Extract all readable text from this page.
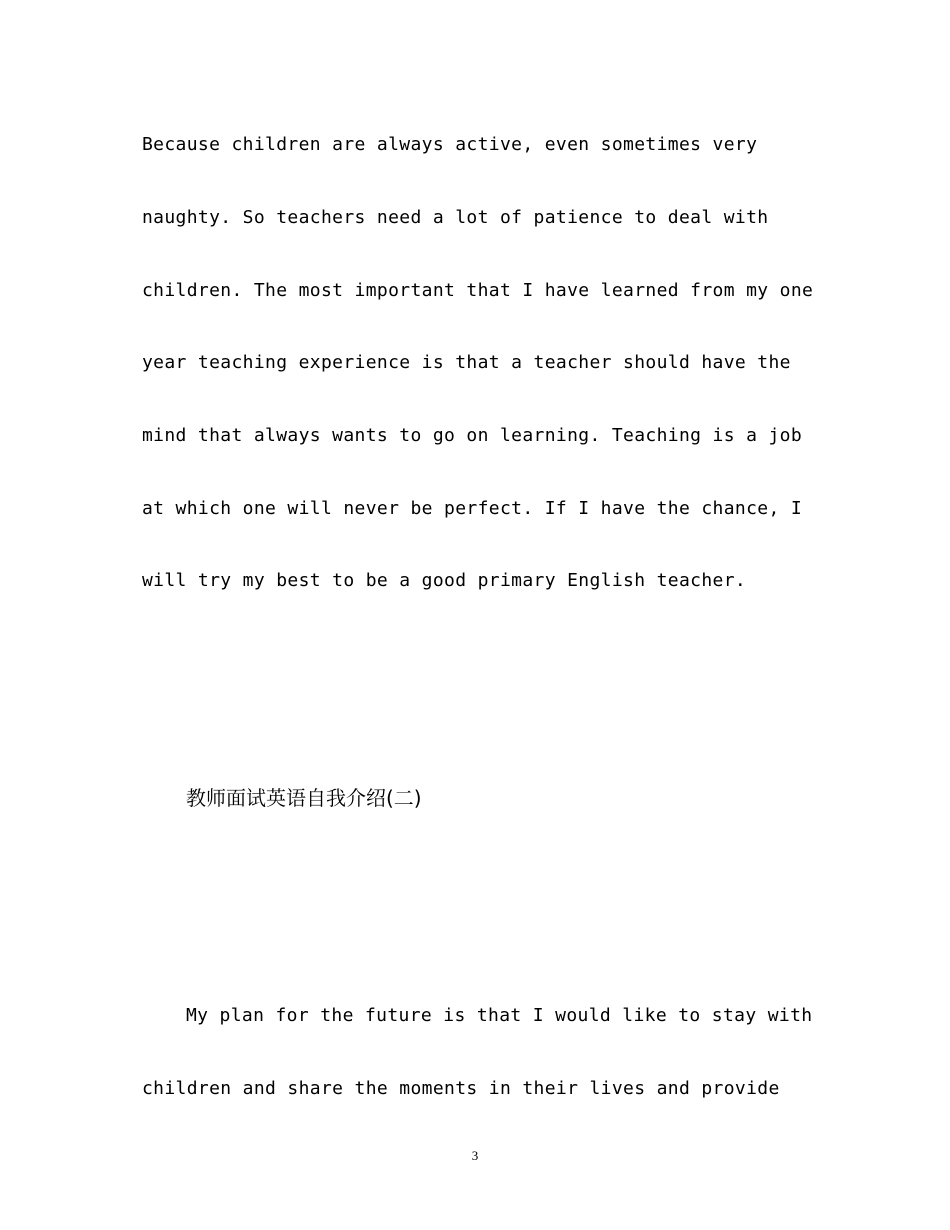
Because children are always active, even sometimes very
naughty. So teachers need a lot of patience to deal with
children. The most important that I have learned from my one
year teaching experience is that a teacher should have the
mind that always wants to go on learning. Teaching is a job
at which one will never be perfect. If I have the chance, I
will try my best to be a good primary English teacher.
教师面试英语自我介绍(二)
My plan for the future is that I would like to stay with
children and share the moments in their lives and provide
3
